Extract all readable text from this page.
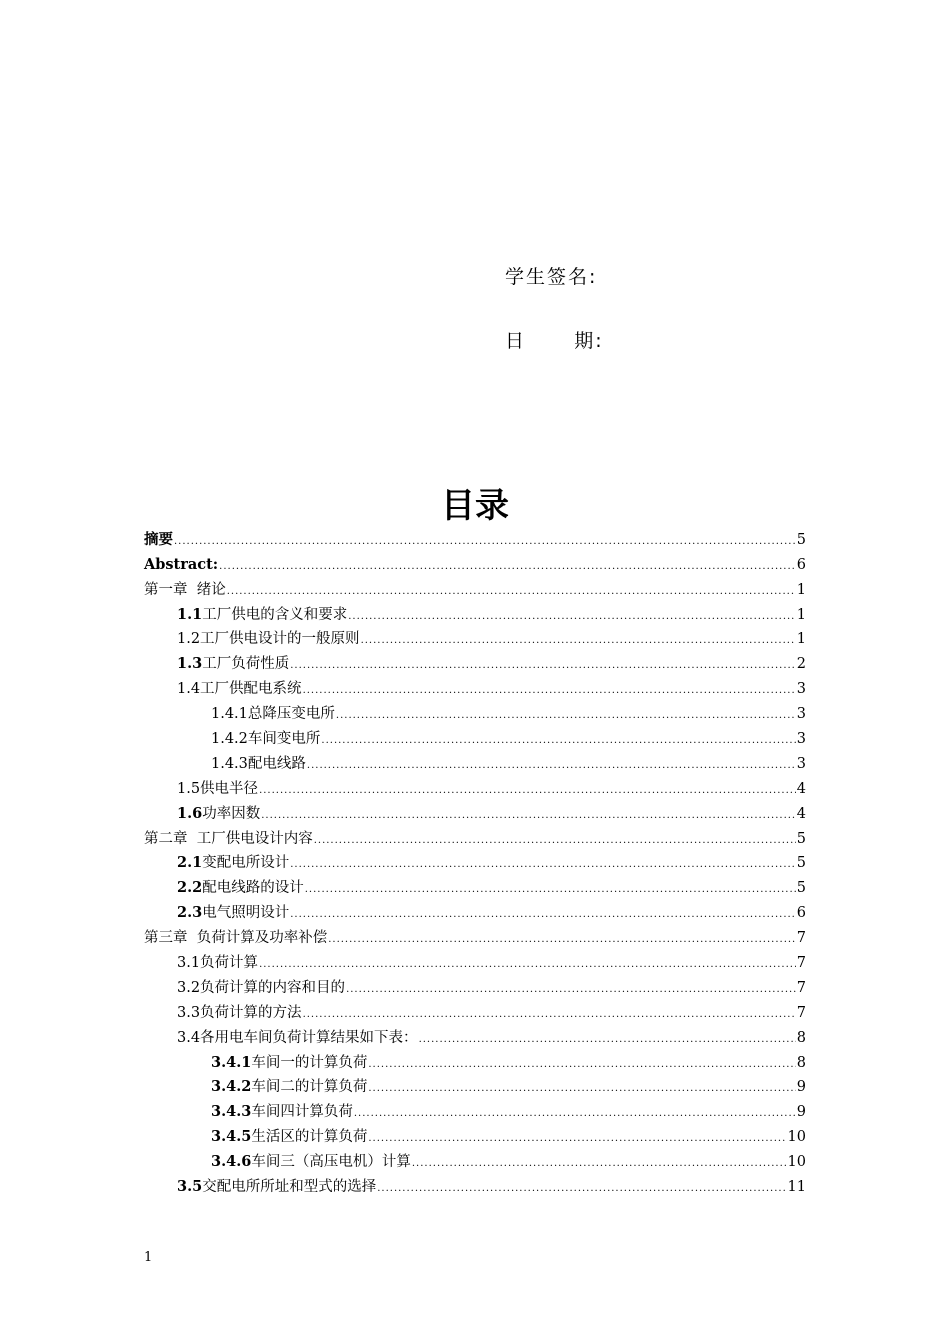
学生签名:
日      期:
目录
摘要 .....	5
Abstract: .....	6
第一章  绪论 .....	1
1.1 工厂供电的含义和要求 .....	1
1.2工厂供电设计的一般原则 .....	1
1.3 工厂负荷性质 .....	2
1.4工厂供配电系统 .....	3
1.4.1总降压变电所 .....	3
1.4.2车间变电所 .....	3
1.4.3配电线路 .....	3
1.5供电半径 .....	4
1.6 功率因数 .....	4
第二章  工厂供电设计内容 .....	5
2.1 变配电所设计 .....	5
2.2 配电线路的设计 .....	5
2.3 电气照明设计 .....	6
第三章  负荷计算及功率补偿 .....	7
3.1负荷计算 .....	7
3.2负荷计算的内容和目的 .....	7
3.3负荷计算的方法 .....	7
3.4各用电车间负荷计算结果如下表： .....	8
3.4.1 车间一的计算负荷 .....	8
3.4.2 车间二的计算负荷 .....	9
3.4.3 车间四计算负荷 .....	9
3.4.5 生活区的计算负荷 .....	10
3.4.6 车间三（高压电机）计算 .....	10
3.5 交配电所所址和型式的选择 .....	11
1
